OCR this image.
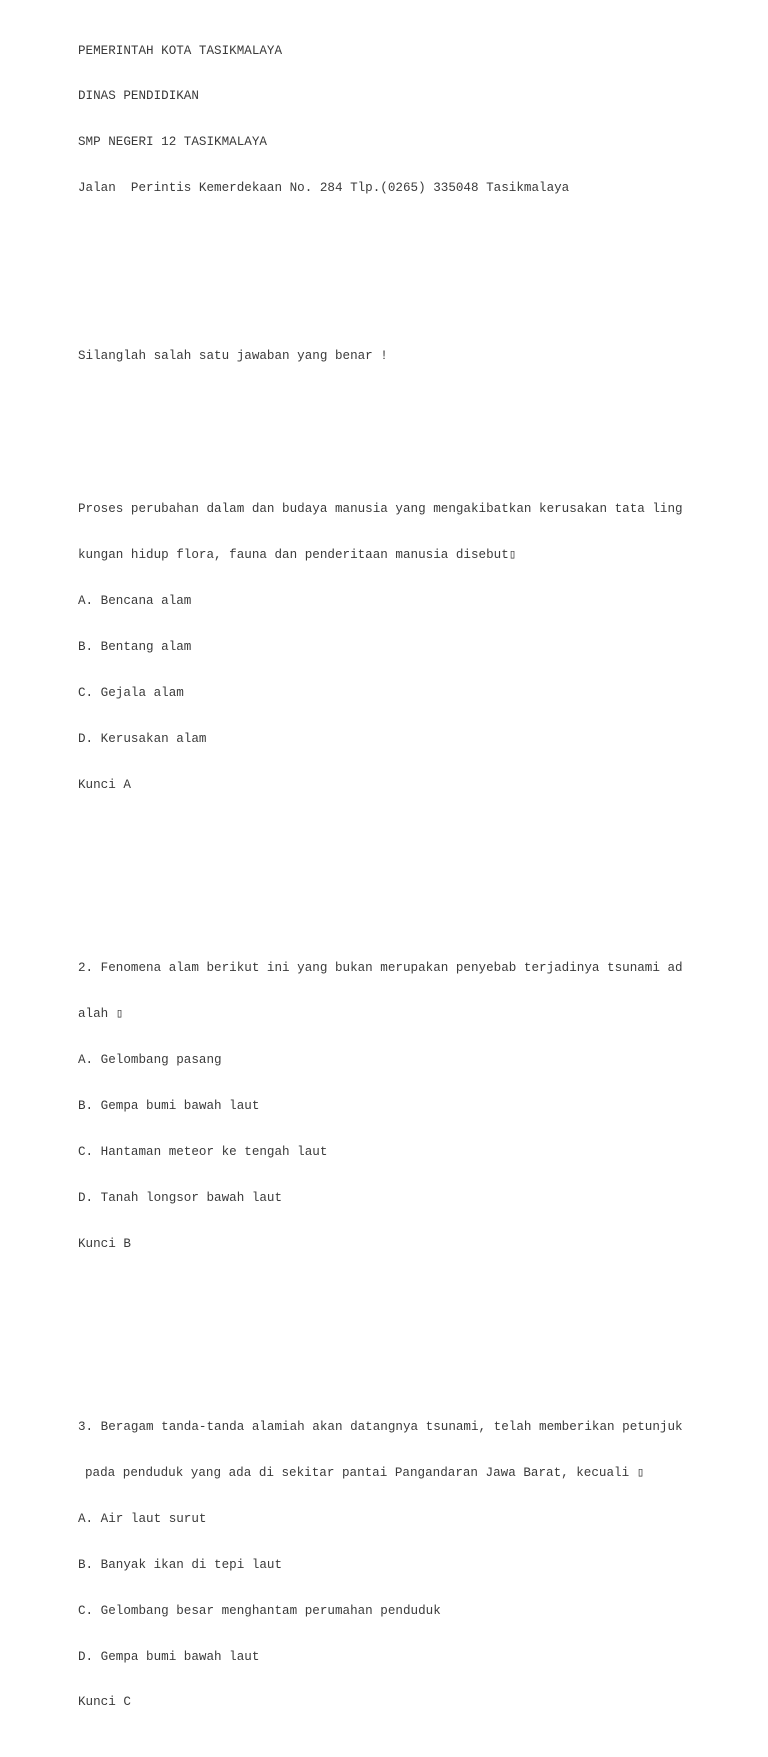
PEMERINTAH KOTA TASIKMALAYA

DINAS PENDIDIKAN

SMP NEGERI 12 TASIKMALAYA

Jalan  Perintis Kemerdekaan No. 284 Tlp.(0265) 335048 Tasikmalaya

Silanglah salah satu jawaban yang benar !

Proses perubahan dalam dan budaya manusia yang mengakibatkan kerusakan tata ling

kungan hidup flora, fauna dan penderitaan manusia disebut▯

A. Bencana alam

B. Bentang alam

C. Gejala alam

D. Kerusakan alam

Kunci A

2. Fenomena alam berikut ini yang bukan merupakan penyebab terjadinya tsunami ad

alah ▯

A. Gelombang pasang

B. Gempa bumi bawah laut

C. Hantaman meteor ke tengah laut

D. Tanah longsor bawah laut

Kunci B

3. Beragam tanda-tanda alamiah akan datangnya tsunami, telah memberikan petunjuk

pada penduduk yang ada di sekitar pantai Pangandaran Jawa Barat, kecuali ▯

A. Air laut surut

B. Banyak ikan di tepi laut

C. Gelombang besar menghantam perumahan penduduk

D. Gempa bumi bawah laut

Kunci C
